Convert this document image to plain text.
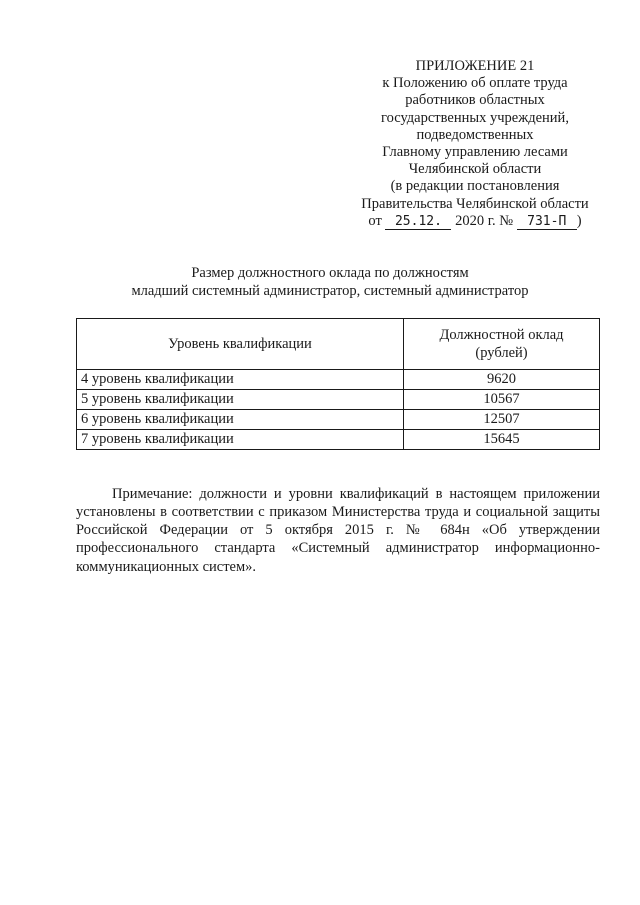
ПРИЛОЖЕНИЕ 21
к Положению об оплате труда
работников областных
государственных учреждений,
подведомственных
Главному управлению лесами
Челябинской области
(в редакции постановления
Правительства Челябинской области
от 25.12. 2020 г. № 731-П )
Размер должностного оклада по должностям
младший системный администратор, системный администратор
Уровень квалификации	Должностной оклад
(рублей)
4 уровень квалификации	9620
5 уровень квалификации	10567
6 уровень квалификации	12507
7 уровень квалификации	15645

Примечание: должности и уровни квалификаций в настоящем приложении установлены в соответствии с приказом Министерства труда и социальной защиты Российской Федерации от 5 октября 2015 г. № 684н «Об утверждении профессионального стандарта «Системный администратор информационно-коммуникационных систем».
